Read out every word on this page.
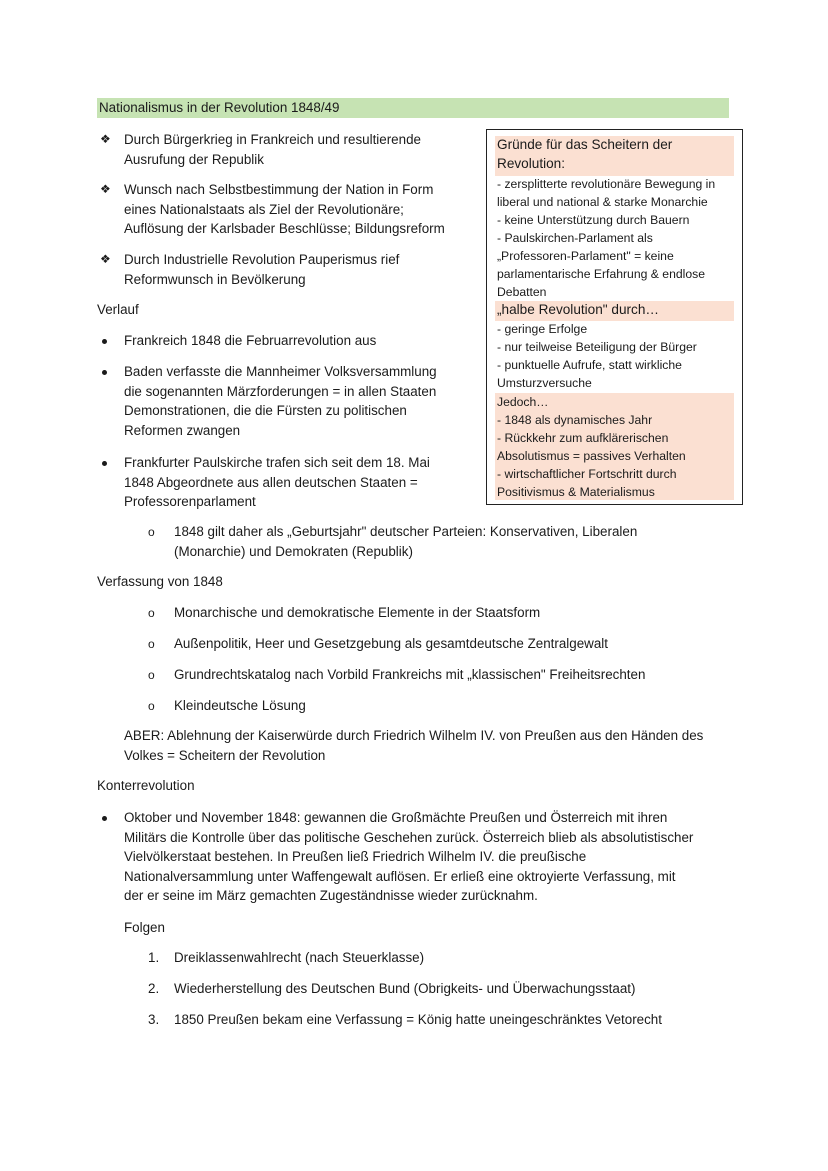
Nationalismus in der Revolution 1848/49
❖ Durch Bürgerkrieg in Frankreich und resultierende
Ausrufung der Republik
❖ Wunsch nach Selbstbestimmung der Nation in Form
eines Nationalstaats als Ziel der Revolutionäre;
Auflösung der Karlsbader Beschlüsse; Bildungsreform
❖ Durch Industrielle Revolution Pauperismus rief
Reformwunsch in Bevölkerung
Verlauf
Frankreich 1848 die Februarrevolution aus
Baden verfasste die Mannheimer Volksversammlung
die sogenannten Märzforderungen = in allen Staaten
Demonstrationen, die die Fürsten zu politischen
Reformen zwangen
Frankfurter Paulskirche trafen sich seit dem 18. Mai
1848 Abgeordnete aus allen deutschen Staaten =
Professorenparlament
o 1848 gilt daher als „Geburtsjahr" deutscher Parteien: Konservativen, Liberalen
(Monarchie) und Demokraten (Republik)
Gründe für das Scheitern der
Revolution:
- zersplitterte revolutionäre Bewegung in
liberal und national & starke Monarchie
- keine Unterstützung durch Bauern
- Paulskirchen-Parlament als
„Professoren-Parlament" = keine
parlamentarische Erfahrung & endlose
Debatten
„halbe Revolution" durch…
- geringe Erfolge
- nur teilweise Beteiligung der Bürger
- punktuelle Aufrufe, statt wirkliche
Umsturzversuche
Jedoch…
- 1848 als dynamisches Jahr
- Rückkehr zum aufklärerischen
Absolutismus = passives Verhalten
- wirtschaftlicher Fortschritt durch
Positivismus & Materialismus
Verfassung von 1848
o Monarchische und demokratische Elemente in der Staatsform
o Außenpolitik, Heer und Gesetzgebung als gesamtdeutsche Zentralgewalt
o Grundrechtskatalog nach Vorbild Frankreichs mit „klassischen" Freiheitsrechten
o Kleindeutsche Lösung
ABER: Ablehnung der Kaiserwürde durch Friedrich Wilhelm IV. von Preußen aus den Händen des
Volkes = Scheitern der Revolution
Konterrevolution
Oktober und November 1848: gewannen die Großmächte Preußen und Österreich mit ihren
Militärs die Kontrolle über das politische Geschehen zurück. Österreich blieb als absolutistischer
Vielvölkerstaat bestehen. In Preußen ließ Friedrich Wilhelm IV. die preußische
Nationalversammlung unter Waffengewalt auflösen. Er erließ eine oktroyierte Verfassung, mit
der er seine im März gemachten Zugeständnisse wieder zurücknahm.
Folgen
1. Dreiklassenwahlrecht (nach Steuerklasse)
2. Wiederherstellung des Deutschen Bund (Obrigkeits- und Überwachungsstaat)
3. 1850 Preußen bekam eine Verfassung = König hatte uneingeschränktes Vetorecht
